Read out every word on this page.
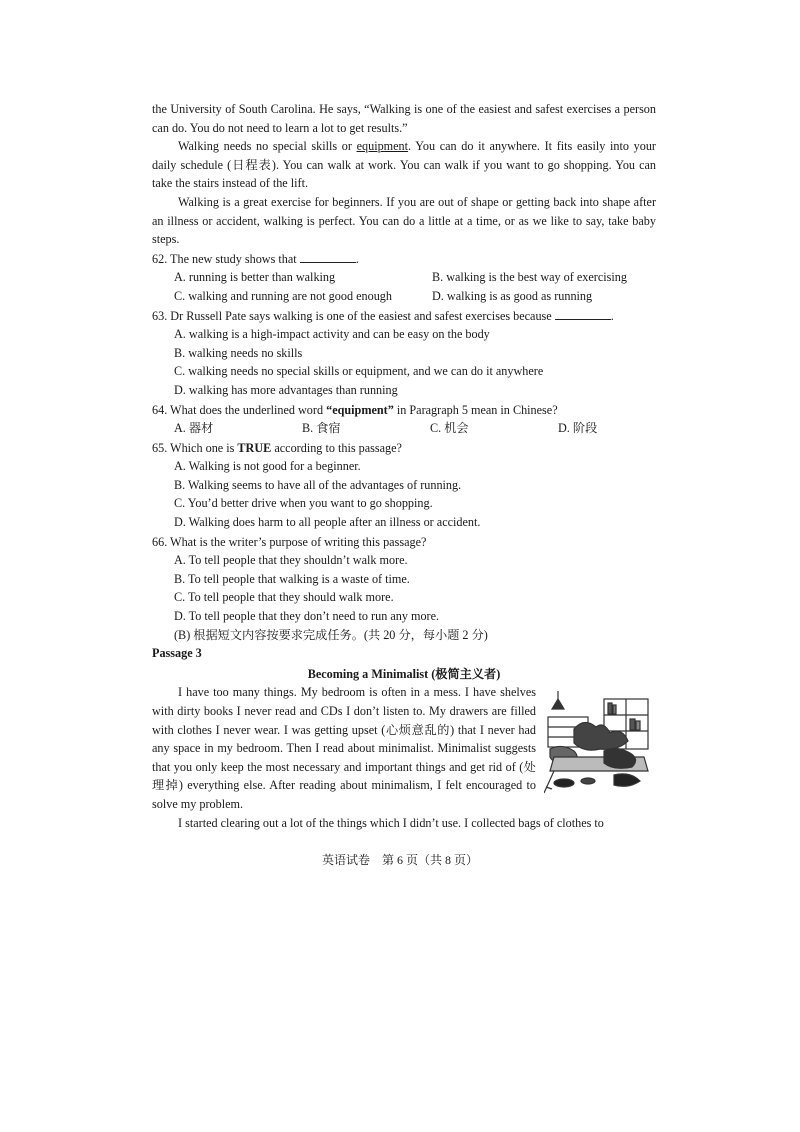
the University of South Carolina. He says, “Walking is one of the easiest and safest exercises a person can do. You do not need to learn a lot to get results.”

Walking needs no special skills or equipment. You can do it anywhere. It fits easily into your daily schedule (日程表). You can walk at work. You can walk if you want to go shopping. You can take the stairs instead of the lift.

Walking is a great exercise for beginners. If you are out of shape or getting back into shape after an illness or accident, walking is perfect. You can do a little at a time, or as we like to say, take baby steps.

62. The new study shows that	.

A. running is better than walking	B. walking is the best way of exercising
C. walking and running are not good enough	D. walking is as good as running

63. Dr Russell Pate says walking is one of the easiest and safest exercises because	.

A. walking is a high-impact activity and can be easy on the body

B. walking needs no skills

C. walking needs no special skills or equipment, and we can do it anywhere

D. walking has more advantages than running

64. What does the underlined word “equipment” in Paragraph 5 mean in Chinese?

A. 器材	B. 食宿	C. 机会	D. 阶段

65. Which one is TRUE according to this passage?

A. Walking is not good for a beginner.

B. Walking seems to have all of the advantages of running.

C. You’d better drive when you want to go shopping.

D. Walking does harm to all people after an illness or accident.

66. What is the writer’s purpose of writing this passage?

A. To tell people that they shouldn’t walk more.

B. To tell people that walking is a waste of time.

C. To tell people that they should walk more.

D. To tell people that they don’t need to run any more.

(B) 根据短文内容按要求完成任务。(共 20 分，每小题 2 分)

Passage 3

Becoming a Minimalist (极简主义者)

I have too many things. My bedroom is often in a mess. I have shelves with dirty books I never read and CDs I don’t listen to. My drawers are filled with clothes I never wear. I was getting upset (心烦意乱的) that I never had any space in my bedroom. Then I read about minimalist. Minimalist suggests that you only keep the most necessary and important things and get rid of (处理掉) everything else. After reading about minimalism, I felt encouraged to solve my problem.

I started clearing out a lot of the things which I didn’t use. I collected bags of clothes to

英语试卷　第 6 页（共 8 页）
